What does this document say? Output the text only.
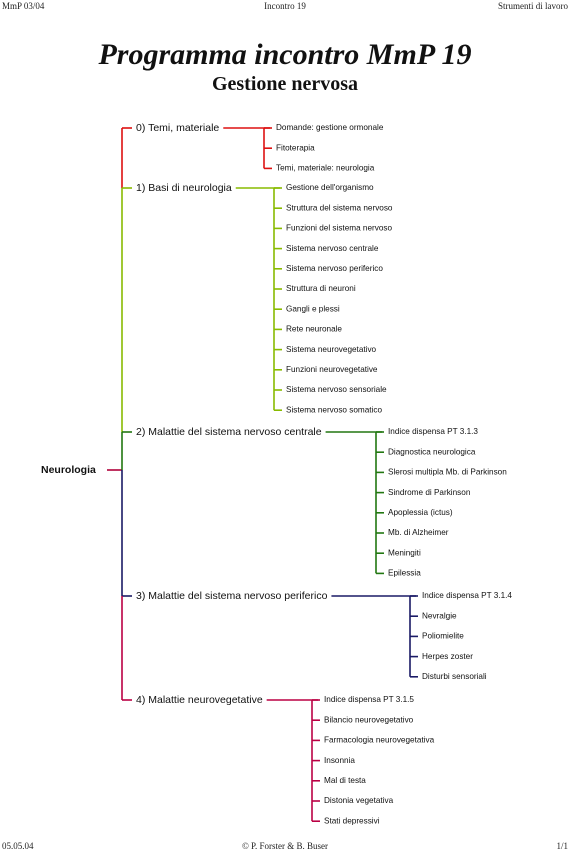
MmP 03/04	Incontro 19	Strumenti di lavoro
Programma incontro MmP 19
Gestione nervosa
Neurologia
0) Temi, materiale	Domande: gestione ormonale
Fitoterapia
Temi, materiale: neurologia
1) Basi di neurologia	Gestione dell'organismo
Struttura del sistema nervoso
Funzioni del sistema nervoso
Sistema nervoso centrale
Sistema nervoso periferico
Struttura di neuroni
Gangli e plessi
Rete neuronale
Sistema neurovegetativo
Funzioni neurovegetative
Sistema nervoso sensoriale
Sistema nervoso somatico
2) Malattie del sistema nervoso centrale	Indice dispensa PT 3.1.3
Diagnostica neurologica
Slerosi multipla Mb. di Parkinson
Sindrome di Parkinson
Apoplessia (ictus)
Mb. di Alzheimer
Meningiti
Epilessia
3) Malattie del sistema nervoso periferico	Indice dispensa PT 3.1.4
Nevralgie
Poliomielite
Herpes zoster
Disturbi sensoriali
4) Malattie neurovegetative	Indice dispensa PT 3.1.5
Bilancio neurovegetativo
Farmacologia neurovegetativa
Insonnia
Mal di testa
Distonia vegetativa
Stati depressivi
05.05.04	© P. Forster & B. Buser	1/1
